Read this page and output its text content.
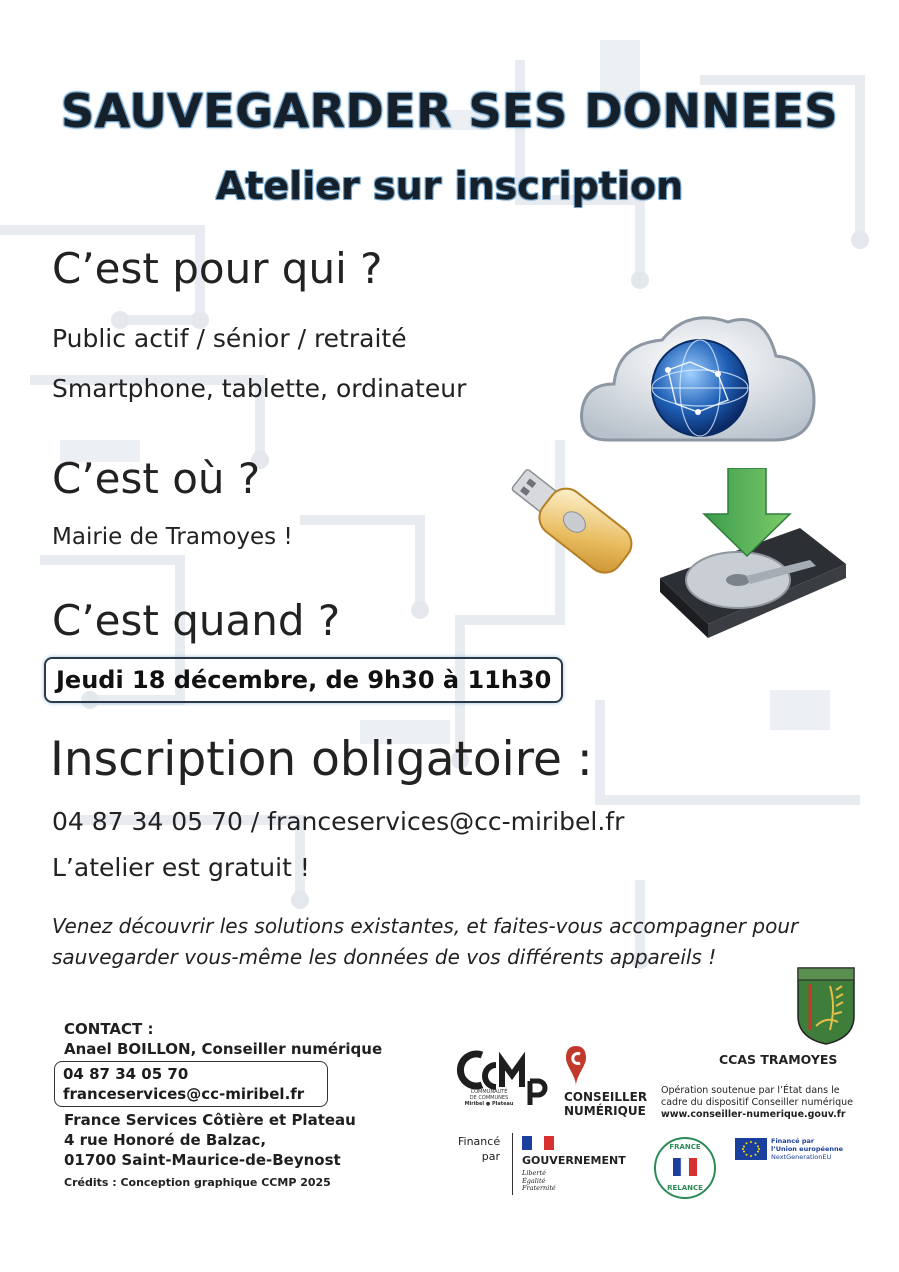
SAUVEGARDER SES DONNEES
Atelier sur inscription
C’est pour qui ?
Public actif / sénior / retraité
Smartphone, tablette, ordinateur
C’est où ?
Mairie de Tramoyes !
C’est quand ?
Jeudi 18 décembre, de 9h30 à 11h30
Inscription obligatoire :
04 87 34 05 70 / franceservices@cc-miribel.fr
L’atelier est gratuit !
Venez découvrir les solutions existantes, et faites-vous accompagner pour
sauvegarder vous-même les données de vos différents appareils !
CONTACT :
Anael BOILLON, Conseiller numérique
04 87 34 05 70
franceservices@cc-miribel.fr
France Services Côtière et Plateau
4 rue Honoré de Balzac,
01700 Saint-Maurice-de-Beynost
Crédits : Conception graphique CCMP 2025
COMMUNAUTÉ
DE COMMUNES
Miribel ● Plateau	CONSEILLER
NUMÉRIQUE
CCAS TRAMOYES
Opération soutenue par l’État dans le
cadre du dispositif Conseiller numérique
www.conseiller-numerique.gouv.fr
Financé
par GOUVERNEMENT
Liberté
Égalité
Fraternité
FRANCE
RELANCE
Financé par
l’Union européenne
NextGenerationEU
